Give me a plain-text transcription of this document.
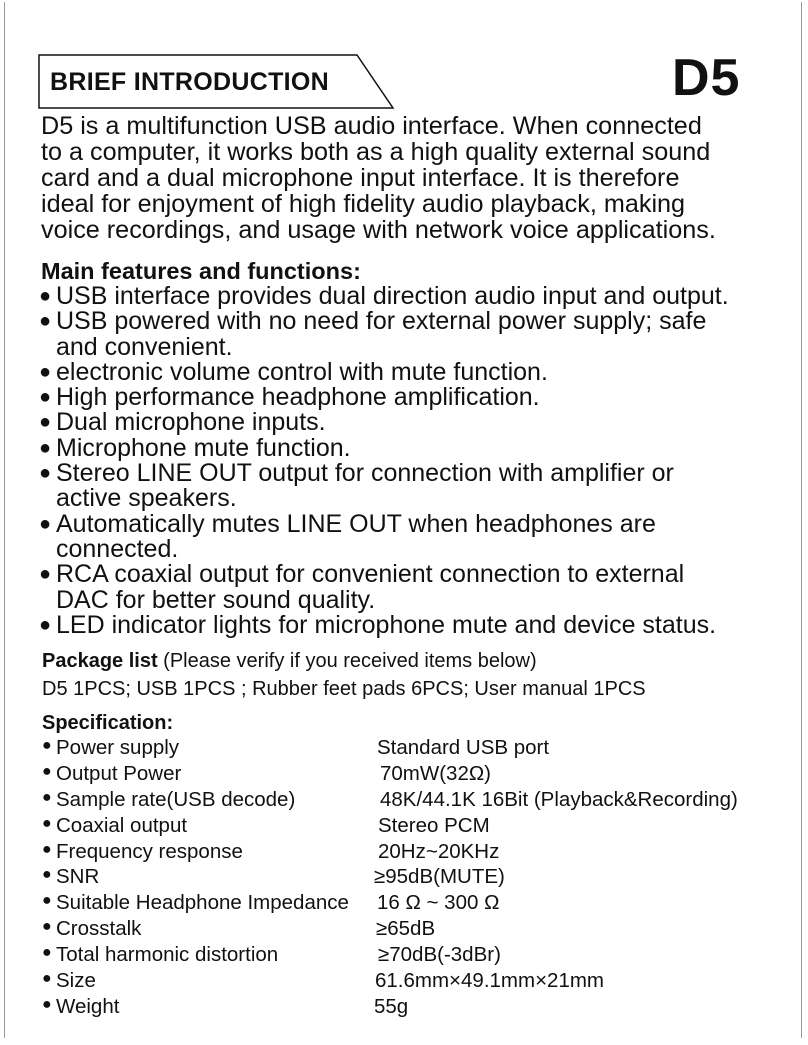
BRIEF INTRODUCTION	D5
D5 is a multifunction USB audio interface. When connected
to a computer, it works both as a high quality external sound
card and a dual microphone input interface. It is therefore
ideal for enjoyment of high fidelity audio playback, making
voice recordings, and usage with network voice applications.
Main features and functions:
● USB interface provides dual direction audio input and output.
● USB powered with no need for external power supply; safe
and convenient.
● electronic volume control with mute function.
● High performance headphone amplification.
● Dual microphone inputs.
● Microphone mute function.
● Stereo LINE OUT output for connection with amplifier or
active speakers.
● Automatically mutes LINE OUT when headphones are
connected.
● RCA coaxial output for convenient connection to external
DAC for better sound quality.
● LED indicator lights for microphone mute and device status.
Package list (Please verify if you received items below)
D5 1PCS; USB 1PCS ; Rubber feet pads 6PCS; User manual 1PCS
Specification:
● Power supply	Standard USB port
● Output Power	70mW(32Ω)
● Sample rate(USB decode)	48K/44.1K 16Bit (Playback&Recording)
● Coaxial output	Stereo PCM
● Frequency response	20Hz~20KHz
● SNR	≥95dB(MUTE)
● Suitable Headphone Impedance 16 Ω ~ 300 Ω
● Crosstalk	≥65dB
● Total harmonic distortion	≥70dB(-3dBr)
● Size	61.6mm×49.1mm×21mm
● Weight	55g
